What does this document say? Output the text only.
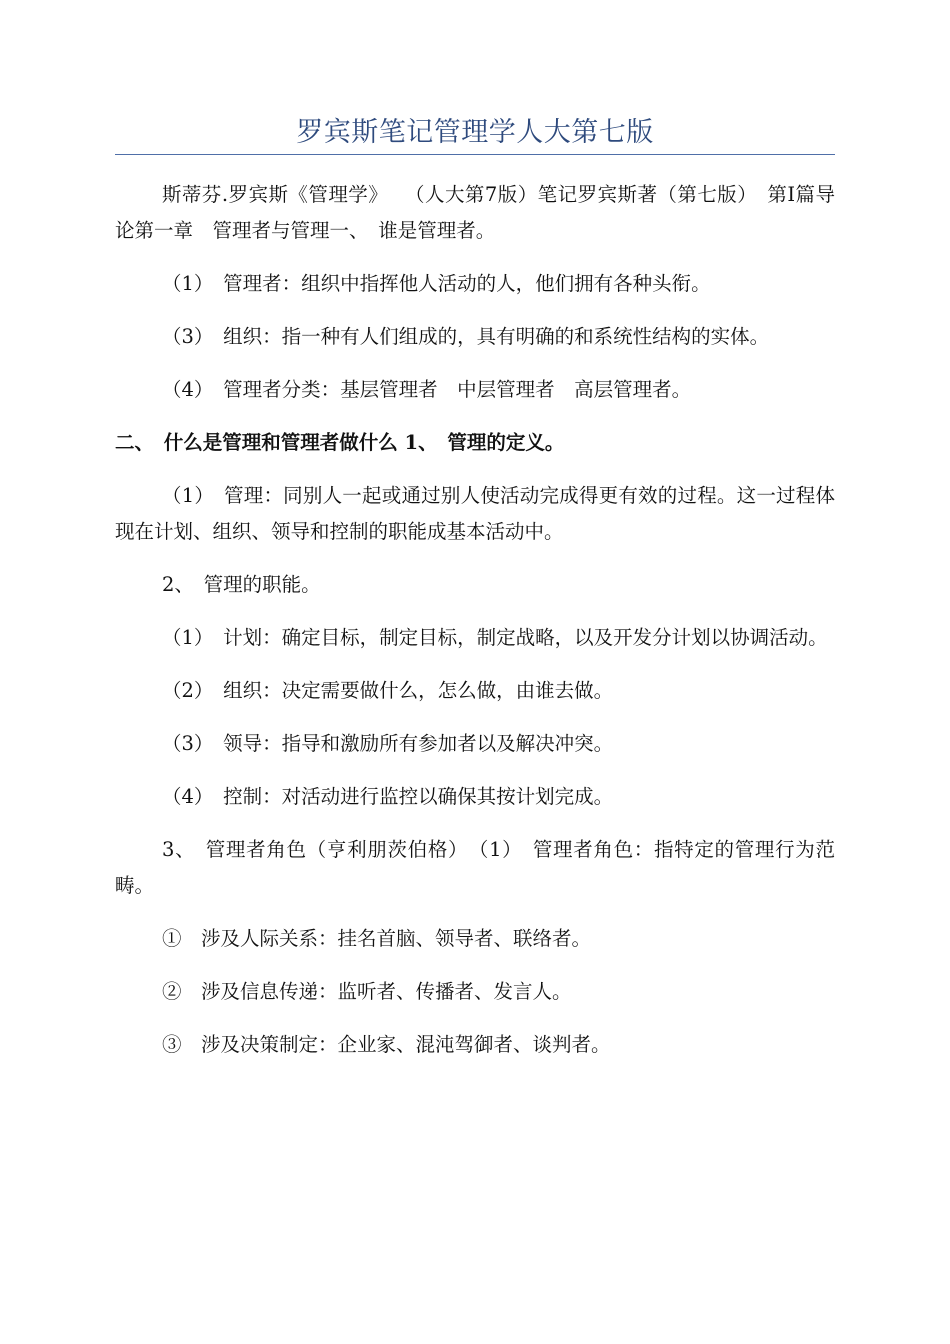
罗宾斯笔记管理学人大第七版

斯蒂芬.罗宾斯《管理学》　 （人大第7版）笔记罗宾斯著（第七版）　第Ⅰ篇导论第一章　管理者与管理一、　谁是管理者。

（1）　管理者：组织中指挥他人活动的人，他们拥有各种头衔。

（3）　组织：指一种有人们组成的，具有明确的和系统性结构的实体。

（4）　管理者分类：基层管理者　中层管理者　高层管理者。

二、　什么是管理和管理者做什么 1、　管理的定义。

（1）　管理：同别人一起或通过别人使活动完成得更有效的过程。这一过程体现在计划、组织、领导和控制的职能成基本活动中。

2、　管理的职能。

（1）　计划：确定目标，制定目标，制定战略，以及开发分计划以协调活动。

（2）　组织：决定需要做什么，怎么做，由谁去做。

（3）　领导：指导和激励所有参加者以及解决冲突。

（4）　控制：对活动进行监控以确保其按计划完成。

3、　管理者角色（亨利朋茨伯格）　（1）　管理者角色：指特定的管理行为范畴。

①　涉及人际关系：挂名首脑、领导者、联络者。

②　涉及信息传递：监听者、传播者、发言人。

③　涉及决策制定：企业家、混沌驾御者、谈判者。
